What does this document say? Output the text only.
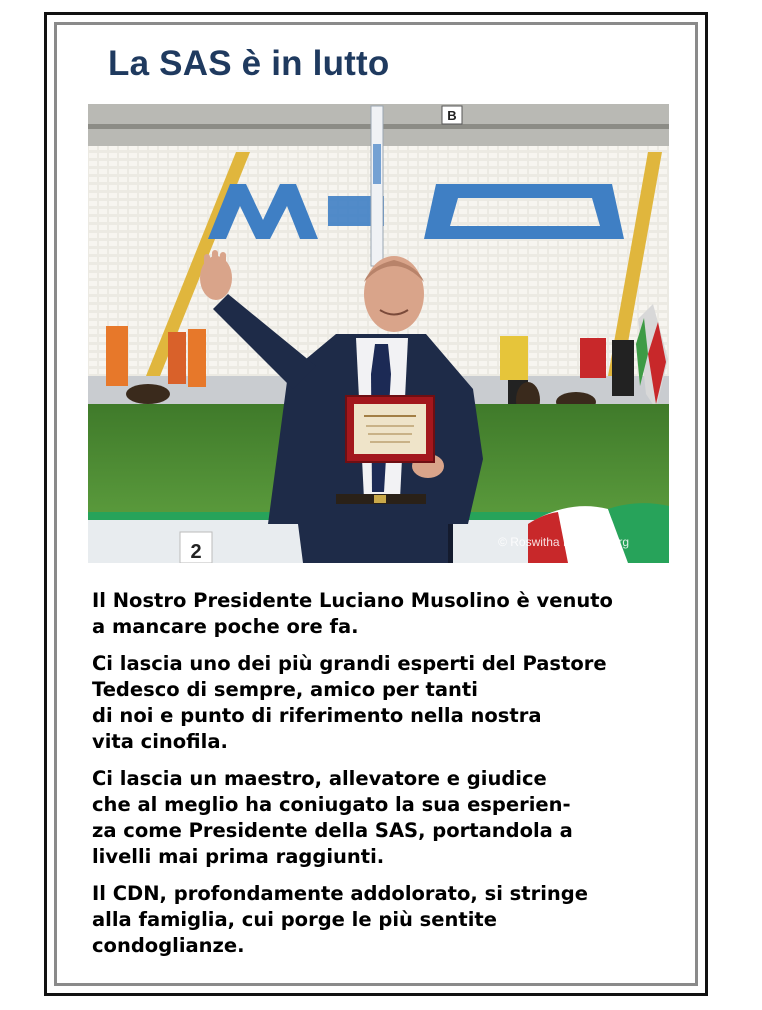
La SAS è in lutto
B
2	© Roswitha Dannenberg

Il Nostro Presidente Luciano Musolino è venuto
a mancare poche ore fa.

Ci lascia uno dei più grandi esperti del Pastore
Tedesco di sempre, amico per tanti
di noi e punto di riferimento nella nostra
vita cinofila.

Ci lascia un maestro, allevatore e giudice
che al meglio ha coniugato la sua esperien-
za come Presidente della SAS, portandola a
livelli mai prima raggiunti.

Il CDN, profondamente addolorato, si stringe
alla famiglia, cui porge le più sentite
condoglianze.
